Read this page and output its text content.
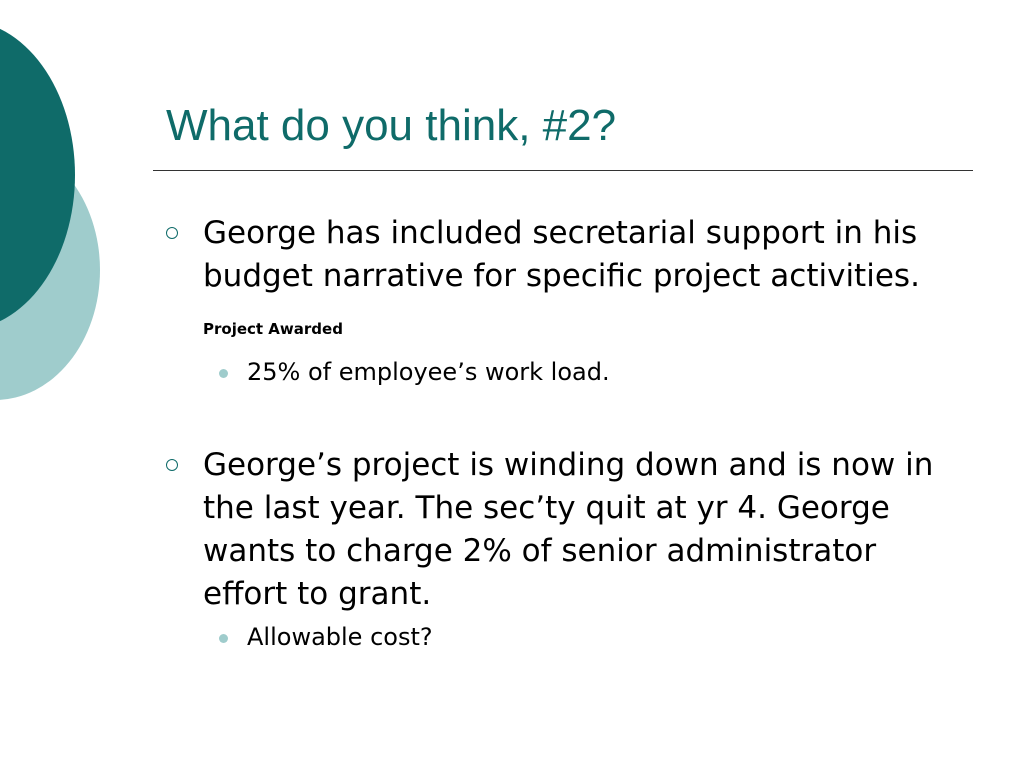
What do you think, #2?
George has included secretarial support in his budget narrative for specific project activities. Project Awarded
25% of employee’s work load.
George’s project is winding down and is now in the last year. The sec’ty quit at yr 4. George wants to charge 2% of senior administrator effort to grant.
Allowable cost?
